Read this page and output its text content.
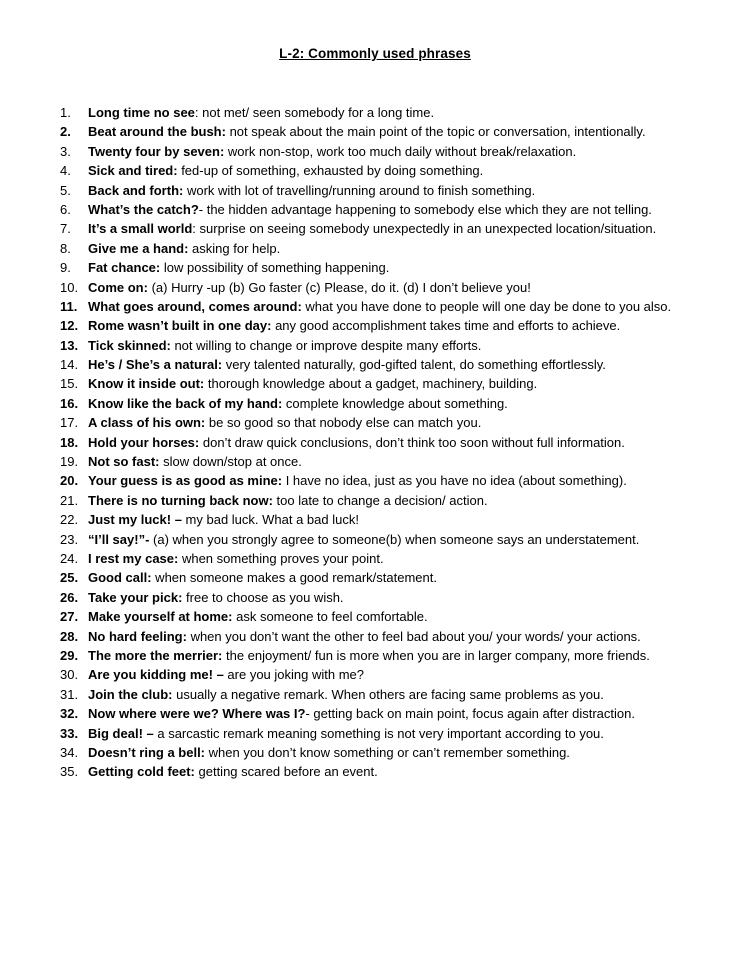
L-2: Commonly used phrases
1.	Long time no see: not met/ seen somebody for a long time.
2.	Beat around the bush: not speak about the main point of the topic or conversation, intentionally.
3.	Twenty four by seven: work non-stop, work too much daily without break/relaxation.
4.	Sick and tired: fed-up of something, exhausted by doing something.
5.	Back and forth: work with lot of travelling/running around to finish something.
6.	What’s the catch?- the hidden advantage happening to somebody else which they are not telling.
7.	It’s a small world: surprise on seeing somebody unexpectedly in an unexpected location/situation.
8.	Give me a hand: asking for help.
9.	Fat chance: low possibility of something happening.
10. Come on: (a) Hurry -up (b) Go faster (c) Please, do it. (d) I don’t believe you!
11. What goes around, comes around: what you have done to people will one day be done to you also.
12. Rome wasn’t built in one day: any good accomplishment takes time and efforts to achieve.
13. Tick skinned: not willing to change or improve despite many efforts.
14. He’s / She’s a natural: very talented naturally, god-gifted talent, do something effortlessly.
15. Know it inside out: thorough knowledge about a gadget, machinery, building.
16. Know like the back of my hand: complete knowledge about something.
17. A class of his own: be so good so that nobody else can match you.
18. Hold your horses: don’t draw quick conclusions, don’t think too soon without full information.
19. Not so fast: slow down/stop at once.
20. Your guess is as good as mine: I have no idea, just as you have no idea (about something).
21. There is no turning back now: too late to change a decision/ action.
22. Just my luck! – my bad luck. What a bad luck!
23. “I’ll say!”- (a) when you strongly agree to someone(b) when someone says an understatement.
24. I rest my case: when something proves your point.
25. Good call: when someone makes a good remark/statement.
26. Take your pick: free to choose as you wish.
27. Make yourself at home: ask someone to feel comfortable.
28. No hard feeling: when you don’t want the other to feel bad about you/ your words/ your actions.
29. The more the merrier: the enjoyment/ fun is more when you are in larger company, more friends.
30. Are you kidding me! – are you joking with me?
31. Join the club: usually a negative remark. When others are facing same problems as you.
32. Now where were we? Where was I?- getting back on main point, focus again after distraction.
33. Big deal! – a sarcastic remark meaning something is not very important according to you.
34. Doesn’t ring a bell: when you don’t know something or can’t remember something.
35. Getting cold feet: getting scared before an event.
